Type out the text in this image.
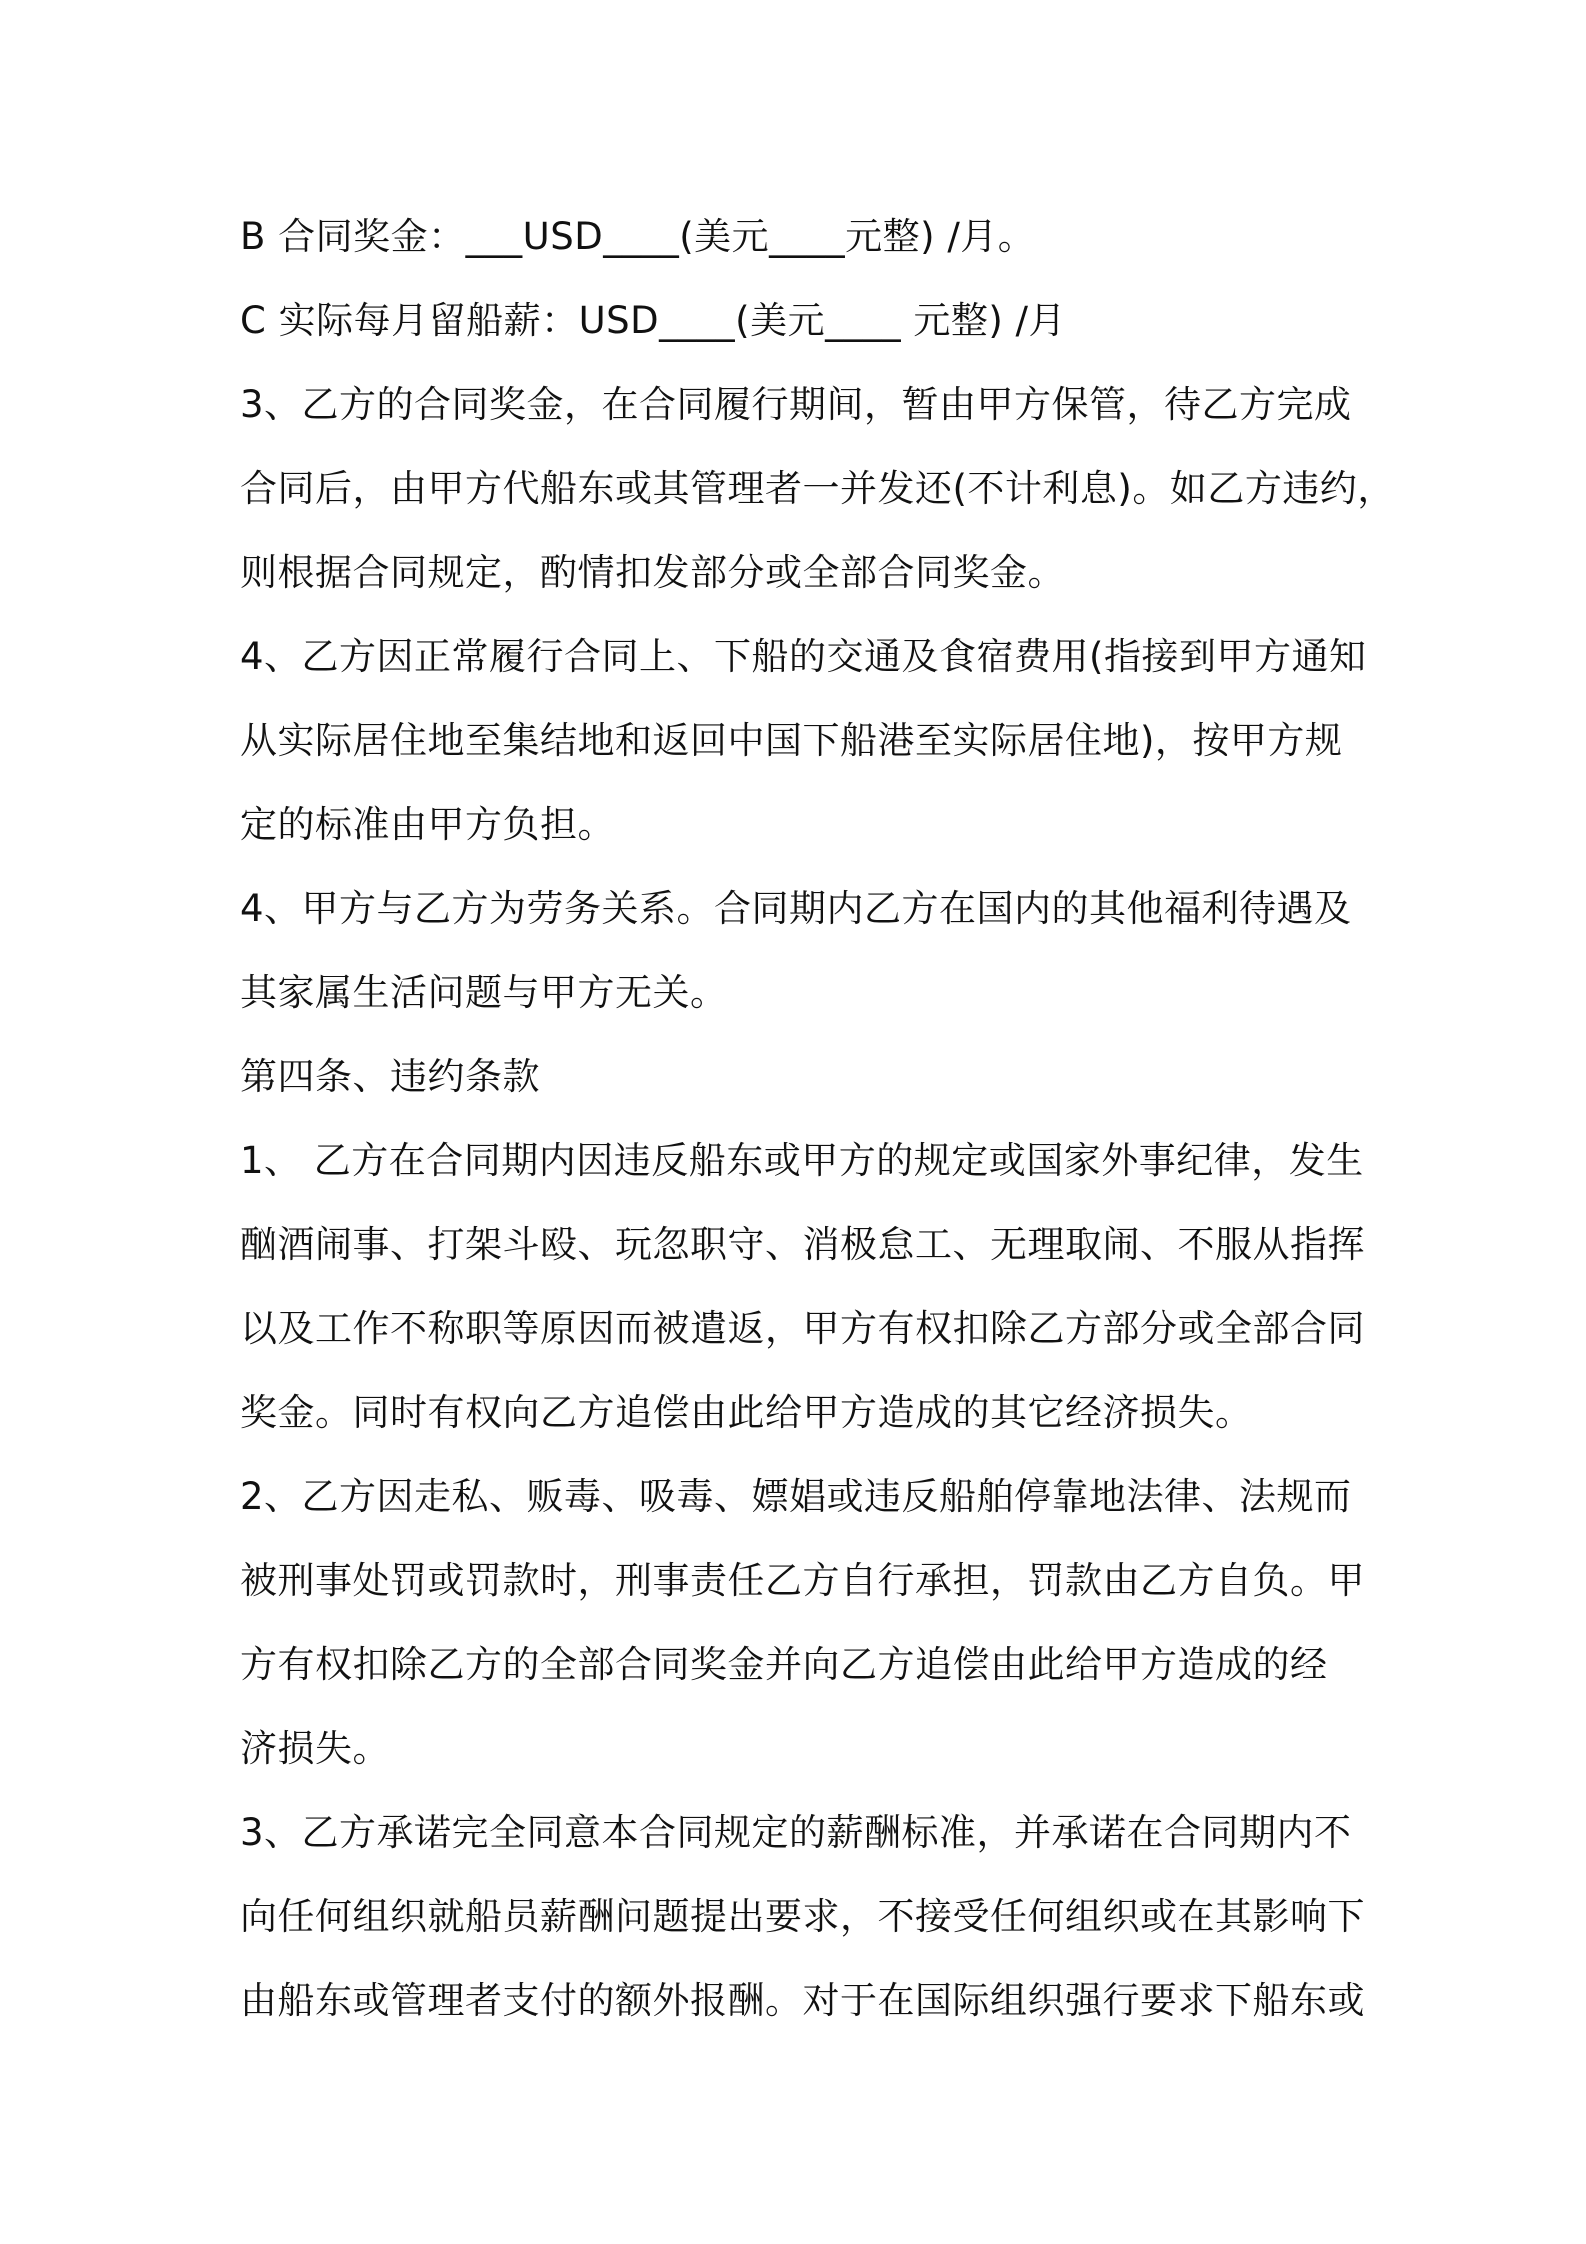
B 合同奖金：___USD____(美元____元整) /月。
C 实际每月留船薪：USD____(美元____ 元整) /月
3、乙方的合同奖金，在合同履行期间，暂由甲方保管，待乙方完成
合同后，由甲方代船东或其管理者一并发还(不计利息)。如乙方违约，
则根据合同规定，酌情扣发部分或全部合同奖金。
4、乙方因正常履行合同上、下船的交通及食宿费用(指接到甲方通知
从实际居住地至集结地和返回中国下船港至实际居住地)，按甲方规
定的标准由甲方负担。
4、甲方与乙方为劳务关系。合同期内乙方在国内的其他福利待遇及
其家属生活问题与甲方无关。
第四条、违约条款
1、 乙方在合同期内因违反船东或甲方的规定或国家外事纪律，发生
酗酒闹事、打架斗殴、玩忽职守、消极怠工、无理取闹、不服从指挥
以及工作不称职等原因而被遣返，甲方有权扣除乙方部分或全部合同
奖金。同时有权向乙方追偿由此给甲方造成的其它经济损失。
2、乙方因走私、贩毒、吸毒、嫖娼或违反船舶停靠地法律、法规而
被刑事处罚或罚款时，刑事责任乙方自行承担，罚款由乙方自负。甲
方有权扣除乙方的全部合同奖金并向乙方追偿由此给甲方造成的经
济损失。
3、乙方承诺完全同意本合同规定的薪酬标准，并承诺在合同期内不
向任何组织就船员薪酬问题提出要求，不接受任何组织或在其影响下
由船东或管理者支付的额外报酬。对于在国际组织强行要求下船东或
